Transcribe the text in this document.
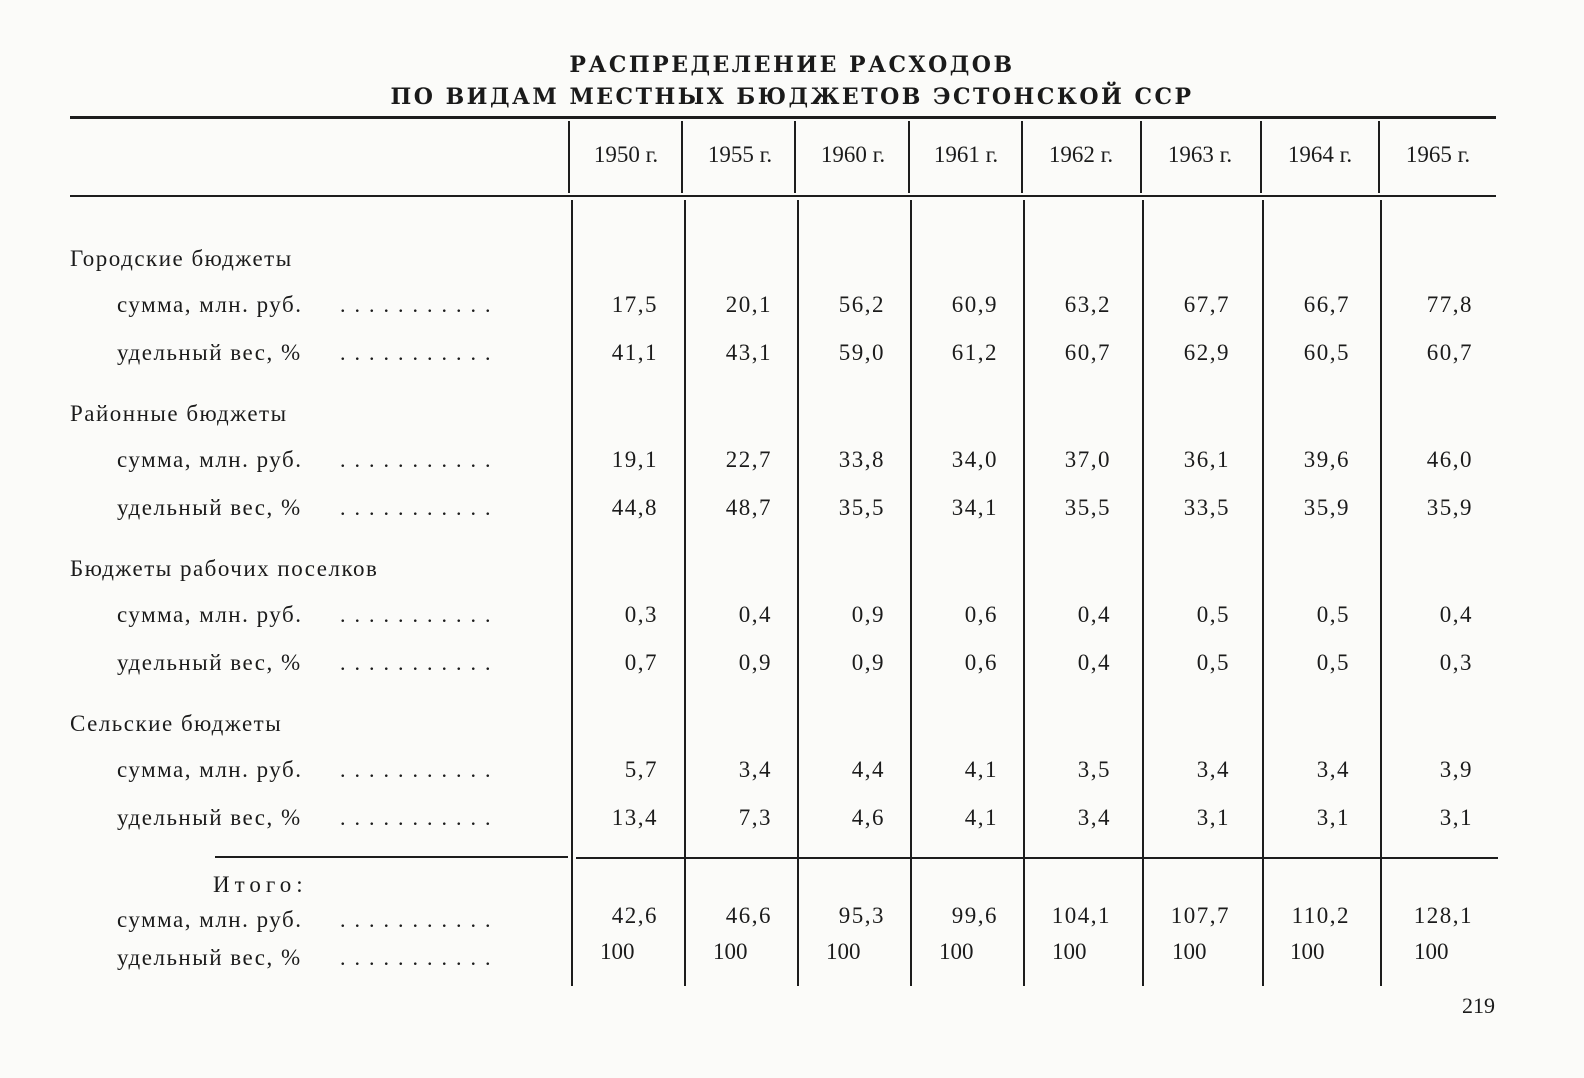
РАСПРЕДЕЛЕНИЕ РАСХОДОВ
ПО ВИДАМ МЕСТНЫХ БЮДЖЕТОВ ЭСТОНСКОЙ ССР
1950 г.	1955 г.	1960 г.	1961 г.	1962 г.	1963 г.	1964 г.	1965 г.
Городские бюджеты
сумма, млн. руб. ...........	17,5	20,1	56,2	60,9	63,2	67,7	66,7	77,8
удельный вес, % ...........	41,1	43,1	59,0	61,2	60,7	62,9	60,5	60,7
Районные бюджеты
сумма, млн. руб. ...........	19,1	22,7	33,8	34,0	37,0	36,1	39,6	46,0
удельный вес, % ...........	44,8	48,7	35,5	34,1	35,5	33,5	35,9	35,9
Бюджеты рабочих поселков
сумма, млн. руб. ...........	0,3	0,4	0,9	0,6	0,4	0,5	0,5	0,4
удельный вес, % ...........	0,7	0,9	0,9	0,6	0,4	0,5	0,5	0,3
Сельские бюджеты
сумма, млн. руб. ...........	5,7	3,4	4,4	4,1	3,5	3,4	3,4	3,9
удельный вес, % ...........	13,4	7,3	4,6	4,1	3,4	3,1	3,1	3,1
Итого:
сумма, млн. руб. ...........	42,6	46,6	95,3	99,6	104,1	107,7	110,2	128,1
удельный вес, % ...........	100	100	100	100	100	100	100	100
219
